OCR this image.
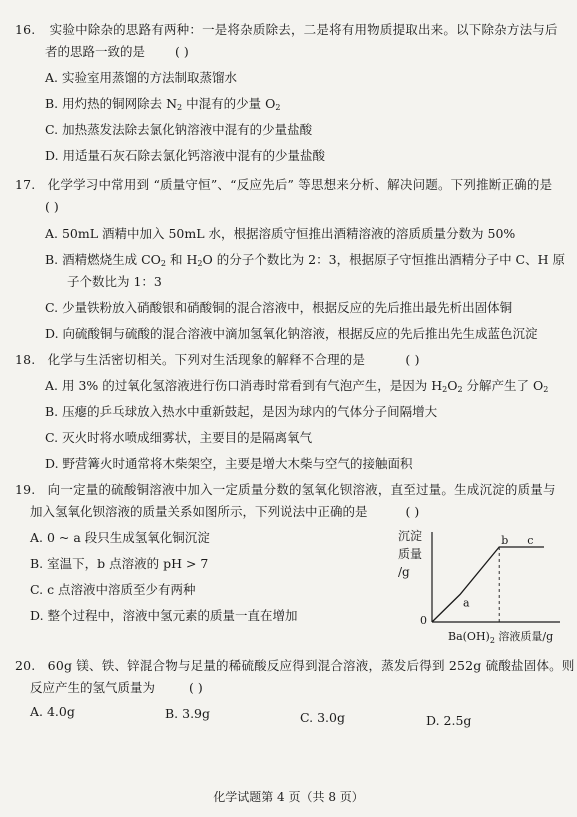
16. 实验中除杂的思路有两种：一是将杂质除去，二是将有用物质提取出来。以下除杂方法与后
者的思路一致的是 ( )
A. 实验室用蒸馏的方法制取蒸馏水
B. 用灼热的铜网除去 $N_2$ 中混有的少量 $O_2$
C. 加热蒸发法除去氯化钠溶液中混有的少量盐酸
D. 用适量石灰石除去氯化钙溶液中混有的少量盐酸
17. 化学学习中常用到 “质量守恒”、“反应先后” 等思想来分析、解决问题。下列推断正确的是
( )
A. 50mL 酒精中加入 50mL 水，根据溶质守恒推出酒精溶液的溶质质量分数为 50%
B. 酒精燃烧生成 $CO_2$ 和 $H_2O$ 的分子个数比为 2：3，根据原子守恒推出酒精分子中 C、H 原
子个数比为 1：3
C. 少量铁粉放入硝酸银和硝酸铜的混合溶液中，根据反应的先后推出最先析出固体铜
D. 向硫酸铜与硫酸的混合溶液中滴加氢氧化钠溶液，根据反应的先后推出先生成蓝色沉淀
18. 化学与生活密切相关。下列对生活现象的解释不合理的是	( )
A. 用 3% 的过氧化氢溶液进行伤口消毒时常看到有气泡产生，是因为 $H_2O_2$ 分解产生了 $O_2$
B. 压瘪的乒乓球放入热水中重新鼓起，是因为球内的气体分子间隔增大
C. 灭火时将水喷成细雾状，主要目的是隔离氧气
D. 野营篝火时通常将木柴架空，主要是增大木柴与空气的接触面积
19. 向一定量的硫酸铜溶液中加入一定质量分数的氢氧化钡溶液，直至过量。生成沉淀的质量与
加入氢氧化钡溶液的质量关系如图所示，下列说法中正确的是	( )
A. 0 ~ a 段只生成氢氧化铜沉淀
B. 室温下，b 点溶液的 pH > 7
C. c 点溶液中溶质至少有两种
D. 整个过程中，溶液中氢元素的质量一直在增加
沉淀
质量
/g
0
a
b c
$Ba(OH)_2$ 溶液质量/g
20. 60g 镁、铁、锌混合物与足量的稀硫酸反应得到混合溶液，蒸发后得到 252g 硫酸盐固体。则
反应产生的氢气质量为	( )
A. 4.0g	B. 3.9g	C. 3.0g	D. 2.5g
化学试题第 4 页（共 8 页）
